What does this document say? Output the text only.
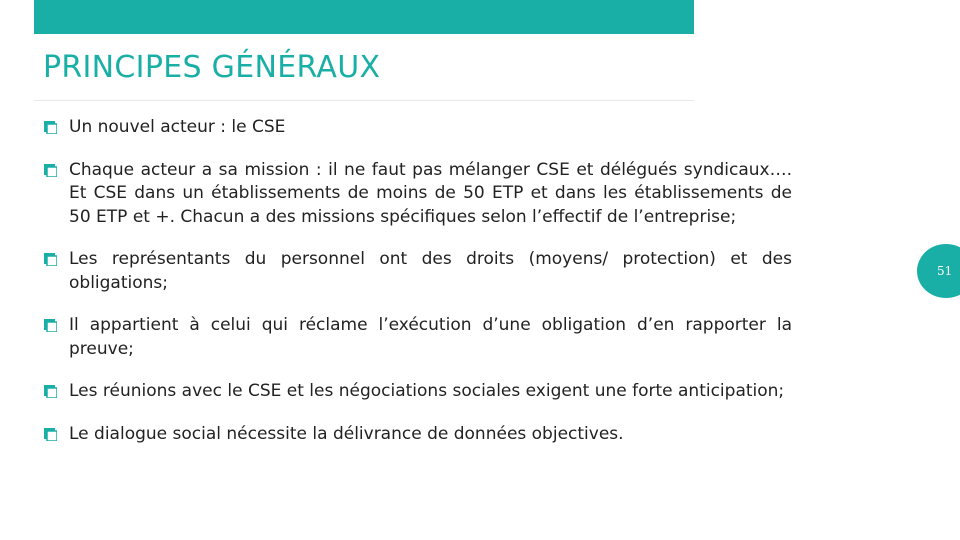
PRINCIPES GÉNÉRAUX
Un nouvel acteur : le CSE
Chaque acteur a sa mission : il ne faut pas mélanger CSE et délégués syndicaux…. Et CSE dans un établissements de moins de 50 ETP et dans les établissements de 50 ETP et +. Chacun a des missions spécifiques selon l’effectif de l’entreprise;
Les représentants du personnel ont des droits (moyens/ protection) et des obligations;
Il appartient à celui qui réclame l’exécution d’une obligation d’en rapporter la preuve;
Les réunions avec le CSE et les négociations sociales exigent une forte anticipation;
Le dialogue social nécessite la délivrance de données objectives.
51
